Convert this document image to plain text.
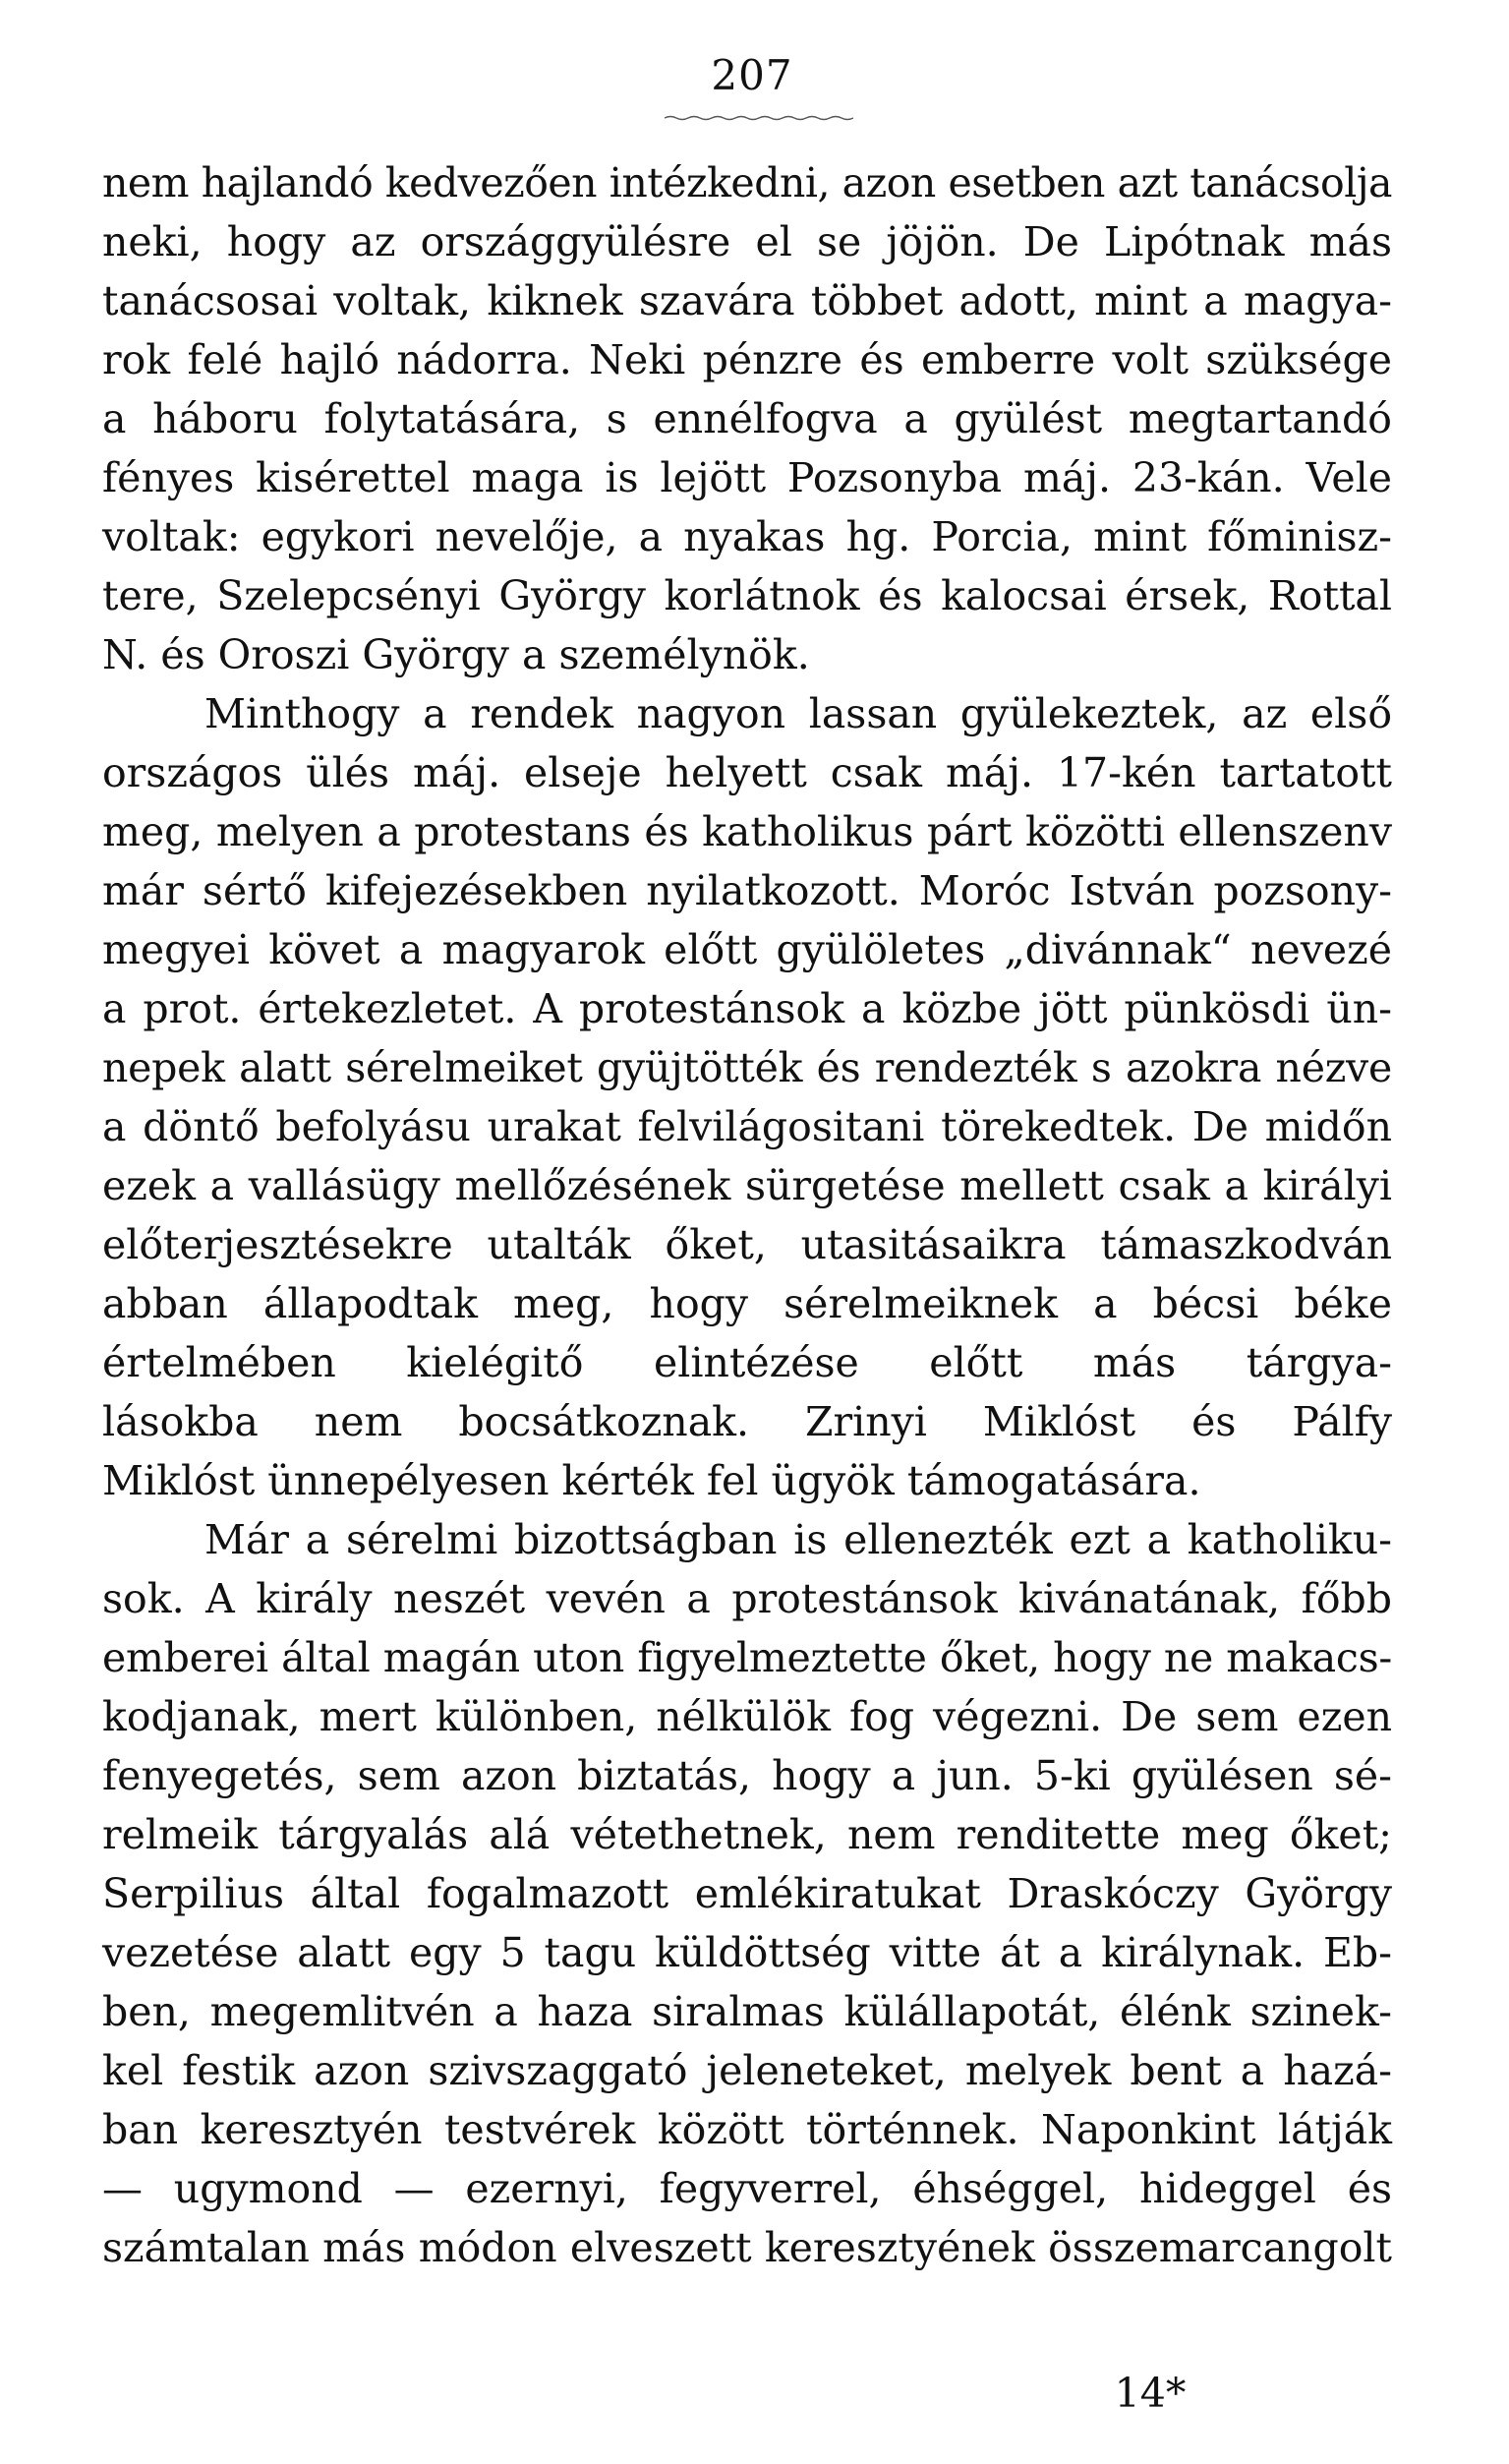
207
nem hajlandó kedvezően intézkedni, azon esetben azt tanácsolja
neki, hogy az országgyülésre el se jöjön. De Lipótnak más
tanácsosai voltak, kiknek szavára többet adott, mint a magya-
rok felé hajló nádorra. Neki pénzre és emberre volt szüksége
a háboru folytatására, s ennélfogva a gyülést megtartandó
fényes kisérettel maga is lejött Pozsonyba máj. 23-kán. Vele
voltak: egykori nevelője, a nyakas hg. Porcia, mint főminisz-
tere, Szelepcsényi György korlátnok és kalocsai érsek, Rottal
N. és Oroszi György a személynök.
Minthogy a rendek nagyon lassan gyülekeztek, az első
országos ülés máj. elseje helyett csak máj. 17-kén tartatott
meg, melyen a protestans és katholikus párt közötti ellenszenv
már sértő kifejezésekben nyilatkozott. Moróc István pozsony-
megyei követ a magyarok előtt gyülöletes „divánnak“ nevezé
a prot. értekezletet. A protestánsok a közbe jött pünkösdi ün-
nepek alatt sérelmeiket gyüjtötték és rendezték s azokra nézve
a döntő befolyásu urakat felvilágositani törekedtek. De midőn
ezek a vallásügy mellőzésének sürgetése mellett csak a királyi
előterjesztésekre utalták őket, utasitásaikra támaszkodván
abban állapodtak meg, hogy sérelmeiknek a bécsi béke
értelmében kielégitő elintézése előtt más tárgya-
lásokba nem bocsátkoznak. Zrinyi Miklóst és Pálfy
Miklóst ünnepélyesen kérték fel ügyök támogatására.
Már a sérelmi bizottságban is ellenezték ezt a katholiku-
sok. A király neszét vevén a protestánsok kivánatának, főbb
emberei által magán uton figyelmeztette őket, hogy ne makacs-
kodjanak, mert különben, nélkülök fog végezni. De sem ezen
fenyegetés, sem azon biztatás, hogy a jun. 5-ki gyülésen sé-
relmeik tárgyalás alá vétethetnek, nem renditette meg őket;
Serpilius által fogalmazott emlékiratukat Draskóczy György
vezetése alatt egy 5 tagu küldöttség vitte át a királynak. Eb-
ben, megemlitvén a haza siralmas külállapotát, élénk szinek-
kel festik azon szivszaggató jeleneteket, melyek bent a hazá-
ban keresztyén testvérek között történnek. Naponkint látják
— ugymond — ezernyi, fegyverrel, éhséggel, hideggel és
számtalan más módon elveszett keresztyének összemarcangolt
14*
